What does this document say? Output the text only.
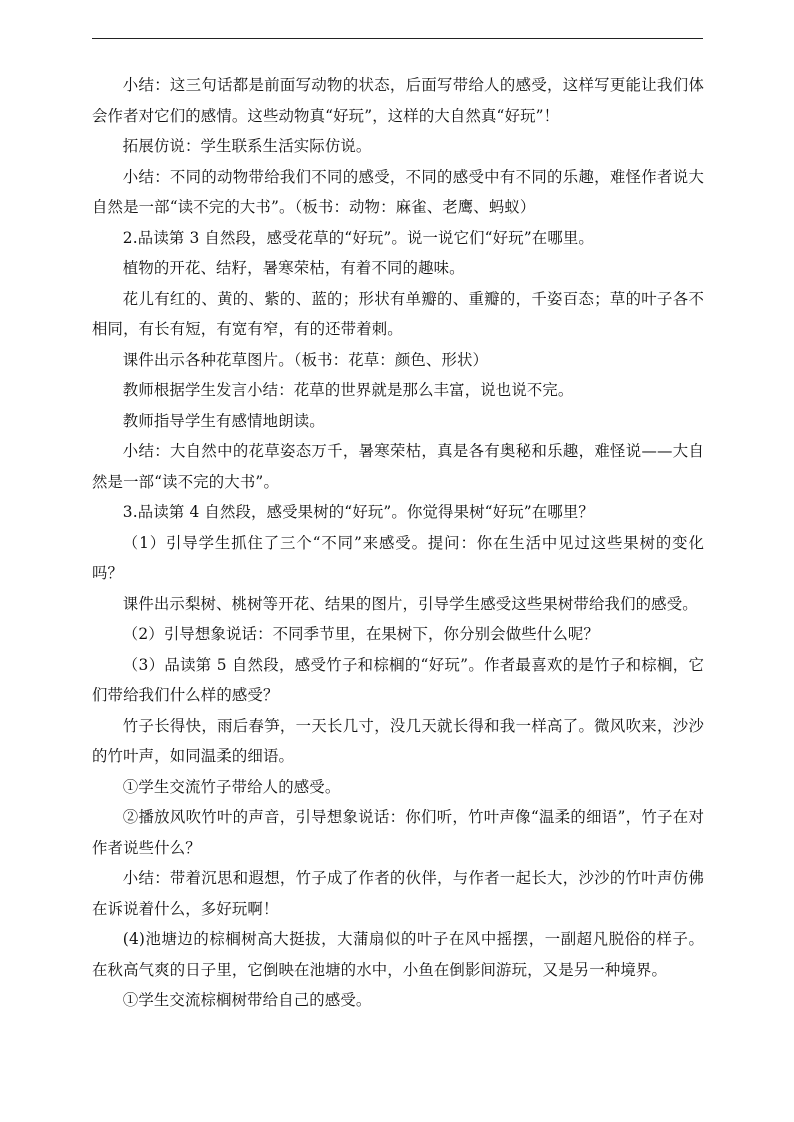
小结：这三句话都是前面写动物的状态，后面写带给人的感受，这样写更能让我们体会作者对它们的感情。这些动物真“好玩”，这样的大自然真“好玩”！

拓展仿说：学生联系生活实际仿说。

小结：不同的动物带给我们不同的感受，不同的感受中有不同的乐趣，难怪作者说大自然是一部“读不完的大书”。（板书：动物：麻雀、老鹰、蚂蚁）

2.品读第 3 自然段，感受花草的“好玩”。说一说它们“好玩”在哪里。

植物的开花、结籽，暑寒荣枯，有着不同的趣味。

花儿有红的、黄的、紫的、蓝的；形状有单瓣的、重瓣的，千姿百态；草的叶子各不相同，有长有短，有宽有窄，有的还带着刺。

课件出示各种花草图片。（板书：花草：颜色、形状）

教师根据学生发言小结：花草的世界就是那么丰富，说也说不完。

教师指导学生有感情地朗读。

小结：大自然中的花草姿态万千，暑寒荣枯，真是各有奥秘和乐趣，难怪说——大自然是一部“读不完的大书”。

3.品读第 4 自然段，感受果树的“好玩”。你觉得果树“好玩”在哪里？

（1）引导学生抓住了三个“不同”来感受。提问：你在生活中见过这些果树的变化吗？

课件出示梨树、桃树等开花、结果的图片，引导学生感受这些果树带给我们的感受。

（2）引导想象说话：不同季节里，在果树下，你分别会做些什么呢？

（3）品读第 5 自然段，感受竹子和棕榈的“好玩”。作者最喜欢的是竹子和棕榈，它们带给我们什么样的感受？

竹子长得快，雨后春笋，一天长几寸，没几天就长得和我一样高了。微风吹来，沙沙的竹叶声，如同温柔的细语。

①学生交流竹子带给人的感受。

②播放风吹竹叶的声音，引导想象说话：你们听，竹叶声像“温柔的细语”，竹子在对作者说些什么？

小结：带着沉思和遐想，竹子成了作者的伙伴，与作者一起长大，沙沙的竹叶声仿佛在诉说着什么，多好玩啊！

(4)池塘边的棕榈树高大挺拔，大蒲扇似的叶子在风中摇摆，一副超凡脱俗的样子。在秋高气爽的日子里，它倒映在池塘的水中，小鱼在倒影间游玩，又是另一种境界。

①学生交流棕榈树带给自己的感受。
